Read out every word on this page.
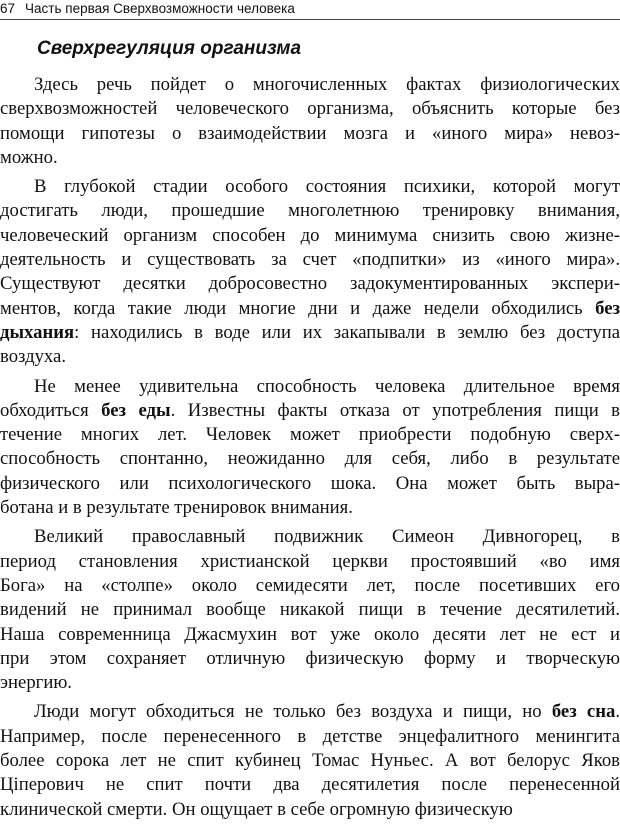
67 Часть первая Сверхвозможности человека
Сверхрегуляция организма
Здесь речь пойдет о многочисленных фактах физиологических
сверхвозможностей человеческого организма, объяснить которые без
помощи гипотезы о взаимодействии мозга и «иного мира» невоз-
можно.
В глубокой стадии особого состояния психики, которой могут
достигать люди, прошедшие многолетнюю тренировку внимания,
человеческий организм способен до минимума снизить свою жизне-
деятельность и существовать за счет «подпитки» из «иного мира».
Существуют десятки добросовестно задокументированных экспери-
ментов, когда такие люди многие дни и даже недели обходились без
дыхания: находились в воде или их закапывали в землю без доступа
воздуха.
Не менее удивительна способность человека длительное время
обходиться без еды. Известны факты отказа от употребления пищи в
течение многих лет. Человек может приобрести подобную сверх-
способность спонтанно, неожиданно для себя, либо в результате
физического или психологического шока. Она может быть выра-
ботана и в результате тренировок внимания.
Великий православный подвижник Симеон Дивногорец, в
период становления христианской церкви простоявший «во имя
Бога» на «столпе» около семидесяти лет, после посетивших его
видений не принимал вообще никакой пищи в течение десятилетий.
Наша современница Джасмухин вот уже около десяти лет не ест и
при этом сохраняет отличную физическую форму и творческую
энергию.
Люди могут обходиться не только без воздуха и пищи, но без сна.
Например, после перенесенного в детстве энцефалитного менингита
более сорока лет не спит кубинец Томас Нуньес. А вот белорус Яков
Ціперович не спит почти два десятилетия после перенесенной
клинической смерти. Он ощущает в себе огромную физическую
